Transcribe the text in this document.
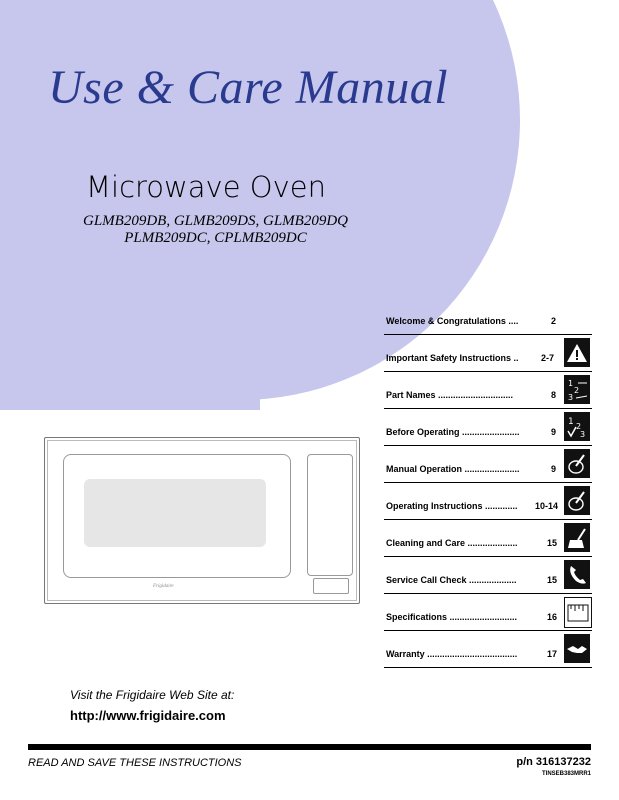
Use & Care Manual
Microwave Oven
GLMB209DB, GLMB209DS, GLMB209DQ
PLMB209DC, CPLMB209DC
Frigidaire
Welcome & Congratulations ....	2
Important Safety Instructions .. 2-7
Part Names ..............................	8
1
2
3
Before Operating .......................	9
1 2
3
Manual Operation ......................	9
Operating Instructions ............. 10-14
Cleaning and Care ....................	15
Service Call Check ...................	15
Specifications ...........................	16
Warranty ....................................	17
Visit the Frigidaire Web Site at:
http://www.frigidaire.com
READ AND SAVE THESE INSTRUCTIONS	p/n 316137232
TINSEB383MRR1
